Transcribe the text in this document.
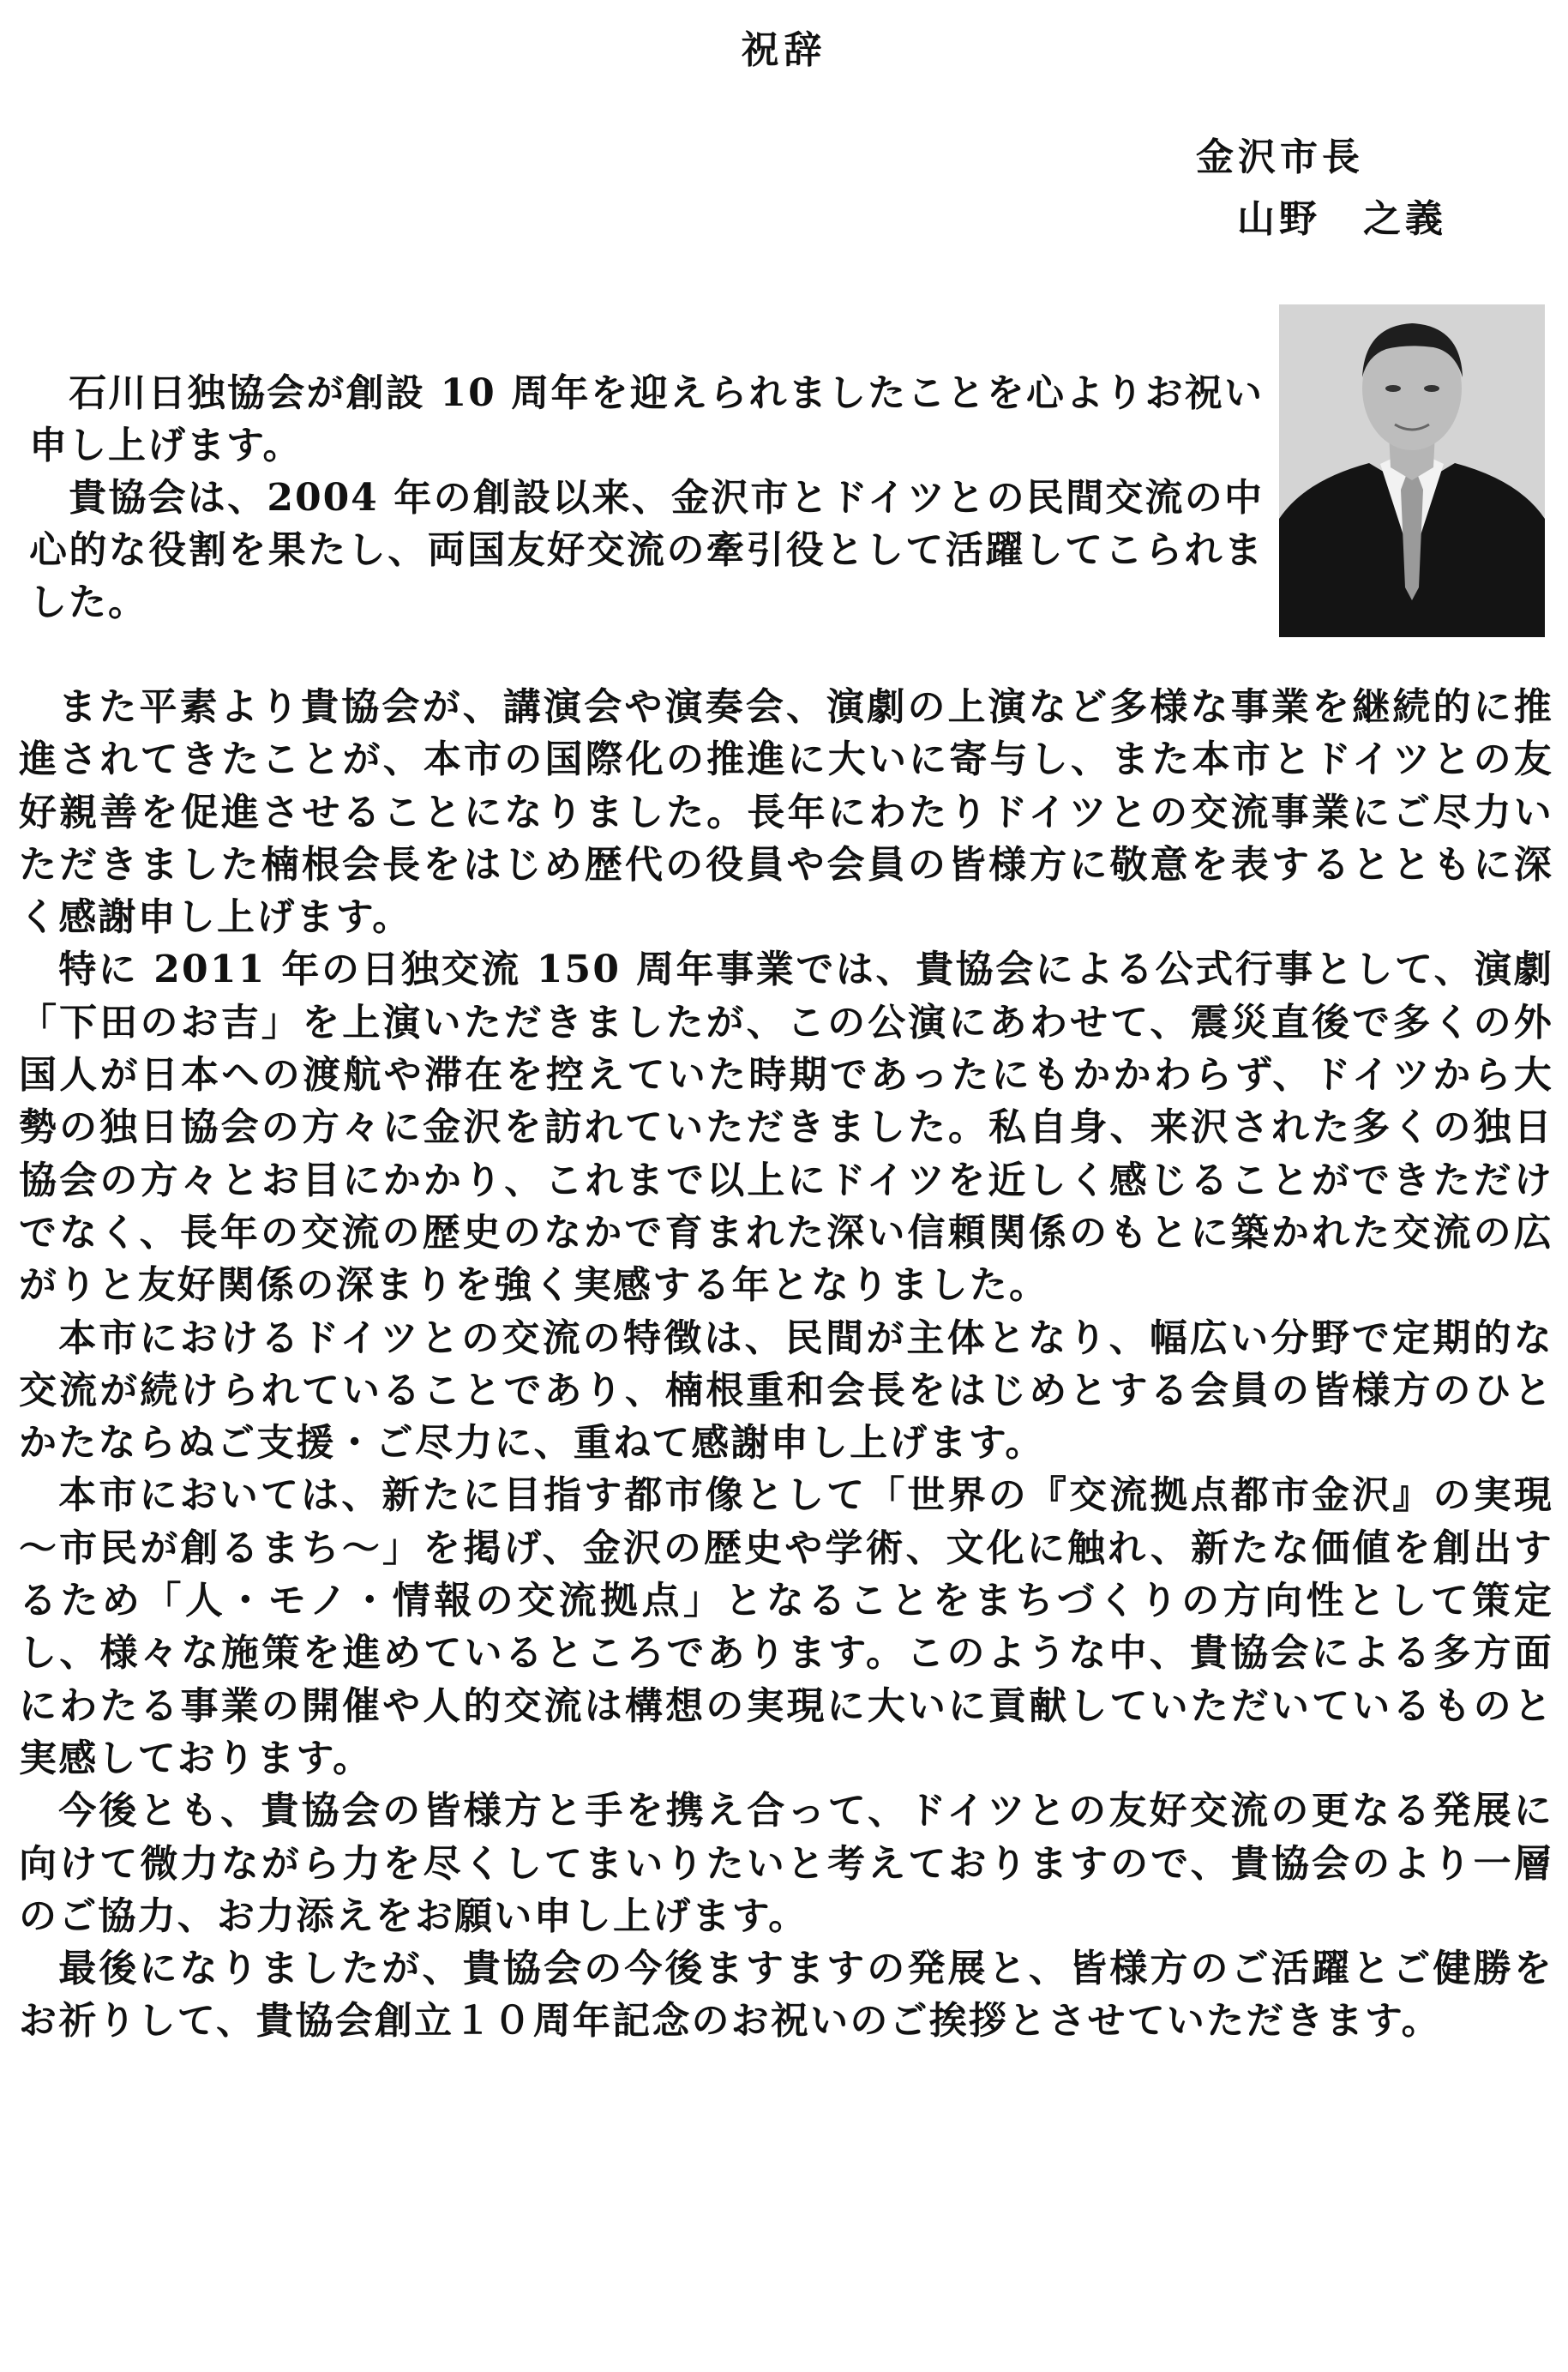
祝辞
金沢市長
山野　之義

石川日独協会が創設 10 周年を迎えられましたことを心よりお祝い申し上げます。

貴協会は、2004 年の創設以来、金沢市とドイツとの民間交流の中心的な役割を果たし、両国友好交流の牽引役として活躍してこられました。

また平素より貴協会が、講演会や演奏会、演劇の上演など多様な事業を継続的に推進されてきたことが、本市の国際化の推進に大いに寄与し、また本市とドイツとの友好親善を促進させることになりました。長年にわたりドイツとの交流事業にご尽力いただきました楠根会長をはじめ歴代の役員や会員の皆様方に敬意を表するとともに深く感謝申し上げます。

特に 2011 年の日独交流 150 周年事業では、貴協会による公式行事として、演劇「下田のお吉」を上演いただきましたが、この公演にあわせて、震災直後で多くの外国人が日本への渡航や滞在を控えていた時期であったにもかかわらず、ドイツから大勢の独日協会の方々に金沢を訪れていただきました。私自身、来沢された多くの独日協会の方々とお目にかかり、これまで以上にドイツを近しく感じることができただけでなく、長年の交流の歴史のなかで育まれた深い信頼関係のもとに築かれた交流の広がりと友好関係の深まりを強く実感する年となりました。

本市におけるドイツとの交流の特徴は、民間が主体となり、幅広い分野で定期的な交流が続けられていることであり、楠根重和会長をはじめとする会員の皆様方のひとかたならぬご支援・ご尽力に、重ねて感謝申し上げます。

本市においては、新たに目指す都市像として「世界の『交流拠点都市金沢』の実現～市民が創るまち～」を掲げ、金沢の歴史や学術、文化に触れ、新たな価値を創出するため「人・モノ・情報の交流拠点」となることをまちづくりの方向性として策定し、様々な施策を進めているところであります。このような中、貴協会による多方面にわたる事業の開催や人的交流は構想の実現に大いに貢献していただいているものと実感しております。

今後とも、貴協会の皆様方と手を携え合って、ドイツとの友好交流の更なる発展に向けて微力ながら力を尽くしてまいりたいと考えておりますので、貴協会のより一層のご協力、お力添えをお願い申し上げます。

最後になりましたが、貴協会の今後ますますの発展と、皆様方のご活躍とご健勝をお祈りして、貴協会創立１０周年記念のお祝いのご挨拶とさせていただきます。
